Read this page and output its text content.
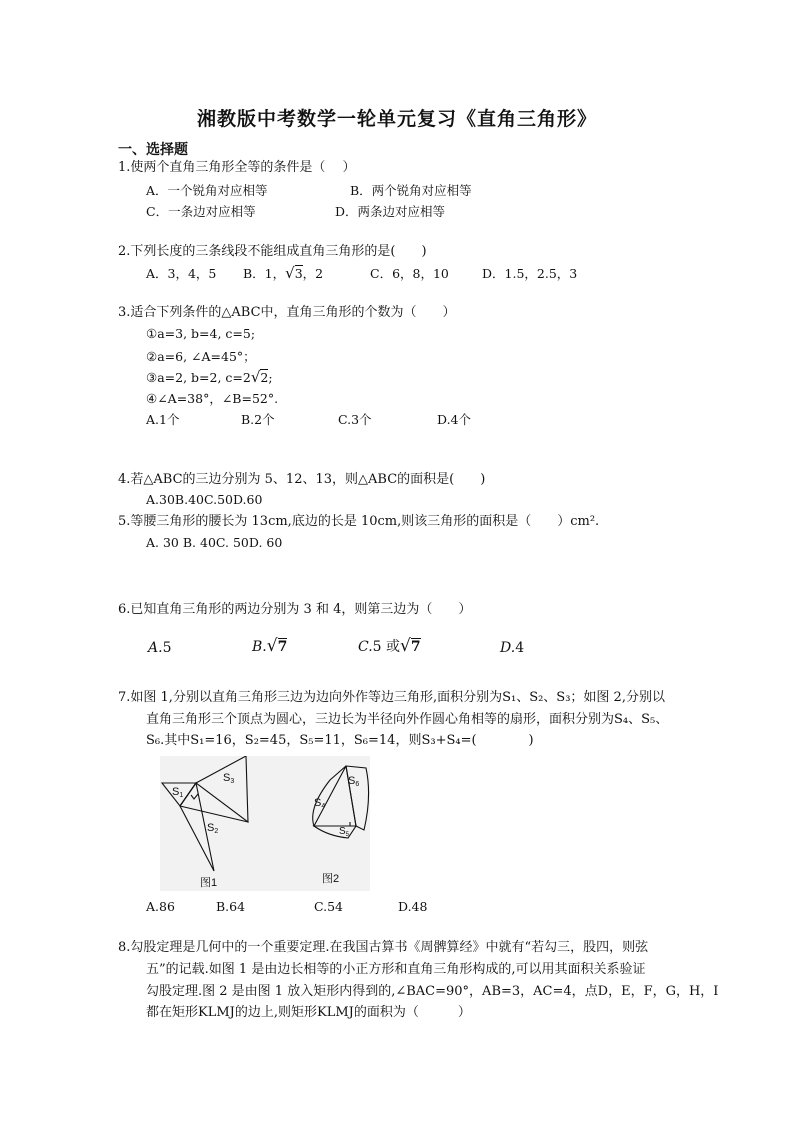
湘教版中考数学一轮单元复习《直角三角形》
一、选择题
1.使两个直角三角形全等的条件是（　 ）
A．一个锐角对应相等	B．两个锐角对应相等
C．一条边对应相等	D．两条边对应相等
2.下列长度的三条线段不能组成直角三角形的是(　　)
A．3，4，5 B．1，√3，2	C．6，8，10	D．1.5，2.5，3
3.适合下列条件的△ABC中，直角三角形的个数为（　　）
①a=3, b=4, c=5;
②a=6, ∠A=45°；
③a=2, b=2, c=2√2;
④∠A=38°，∠B=52°.
A.1个	B.2个	C.3个	D.4个
4.若△ABC的三边分别为 5、12、13，则△ABC的面积是(　　)
A.30B.40C.50D.60
5.等腰三角形的腰长为 13cm,底边的长是 10cm,则该三角形的面积是（　　）cm².
A. 30 B. 40C. 50D. 60
6.已知直角三角形的两边分别为 3 和 4，则第三边为（　　）
A.5	B.√7	C.5 或√7	D.4
7.如图 1,分别以直角三角形三边为边向外作等边三角形,面积分别为S₁、S₂、S₃；如图 2,分别以
直角三角形三个顶点为圆心，三边长为半径向外作圆心角相等的扇形，面积分别为S₄、S₅、
S₆.其中S₁=16，S₂=45，S₅=11，S₆=14，则S₃+S₄=(　　　　)
S1
S2
S3
图1
S4
$S_5$
S6
图2
A.86	B.64	C.54	D.48
8.勾股定理是几何中的一个重要定理.在我国古算书《周髀算经》中就有“若勾三，股四，则弦
五”的记载.如图 1 是由边长相等的小正方形和直角三角形构成的,可以用其面积关系验证
勾股定理.图 2 是由图 1 放入矩形内得到的,∠BAC=90°，AB=3，AC=4，点D，E，F，G，H，I
都在矩形KLMJ的边上,则矩形KLMJ的面积为（　　　）
